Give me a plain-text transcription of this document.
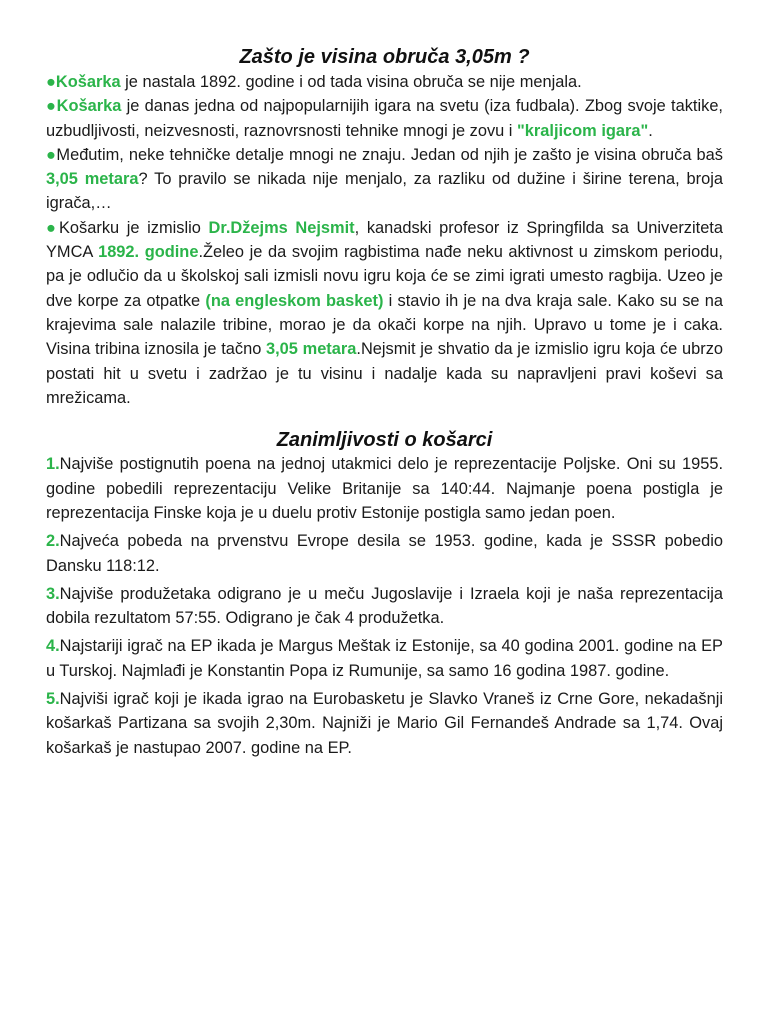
Zašto je visina obruča 3,05m ?

●Košarka je nastala 1892. godine i od tada visina obruča se nije menjala.

●Košarka je danas jedna od najpopularnijih igara na svetu (iza fudbala). Zbog svoje taktike, uzbudljivosti, neizvesnosti, raznovrsnosti tehnike mnogi je zovu i "kraljicom igara".

●Međutim, neke tehničke detalje mnogi ne znaju. Jedan od njih je zašto je visina obruča baš 3,05 metara? To pravilo se nikada nije menjalo, za razliku od dužine i širine terena, broja igrača,…

●Košarku je izmislio Dr.Džejms Nejsmit, kanadski profesor iz Springfilda sa Univerziteta YMCA 1892. godine.Želeo je da svojim ragbistima nađe neku aktivnost u zimskom periodu, pa je odlučio da u školskoj sali izmisli novu igru koja će se zimi igrati umesto ragbija. Uzeo je dve korpe za otpatke (na engleskom basket) i stavio ih je na dva kraja sale. Kako su se na krajevima sale nalazile tribine, morao je da okači korpe na njih. Upravo u tome je i caka. Visina tribina iznosila je tačno 3,05 metara.Nejsmit je shvatio da je izmislio igru koja će ubrzo postati hit u svetu i zadržao je tu visinu i nadalje kada su napravljeni pravi koševi sa mrežicama.

Zanimljivosti o košarci

1.Najviše postignutih poena na jednoj utakmici delo je reprezentacije Poljske. Oni su 1955. godine pobedili reprezentaciju Velike Britanije sa 140:44. Najmanje poena postigla je reprezentacija Finske koja je u duelu protiv Estonije postigla samo jedan poen.

2.Najveća pobeda na prvenstvu Evrope desila se 1953. godine, kada je SSSR pobedio Dansku 118:12.

3.Najviše produžetaka odigrano je u meču Jugoslavije i Izraela koji je naša reprezentacija dobila rezultatom 57:55. Odigrano je čak 4 produžetka.

4.Najstariji igrač na EP ikada je Margus Meštak iz Estonije, sa 40 godina 2001. godine na EP u Turskoj. Najmlađi je Konstantin Popa iz Rumunije, sa samo 16 godina 1987. godine.

5.Najviši igrač koji je ikada igrao na Eurobasketu je Slavko Vraneš iz Crne Gore, nekadašnji košarkaš Partizana sa svojih 2,30m. Najniži je Mario Gil Fernandeš Andrade sa 1,74. Ovaj košarkaš je nastupao 2007. godine na EP.
